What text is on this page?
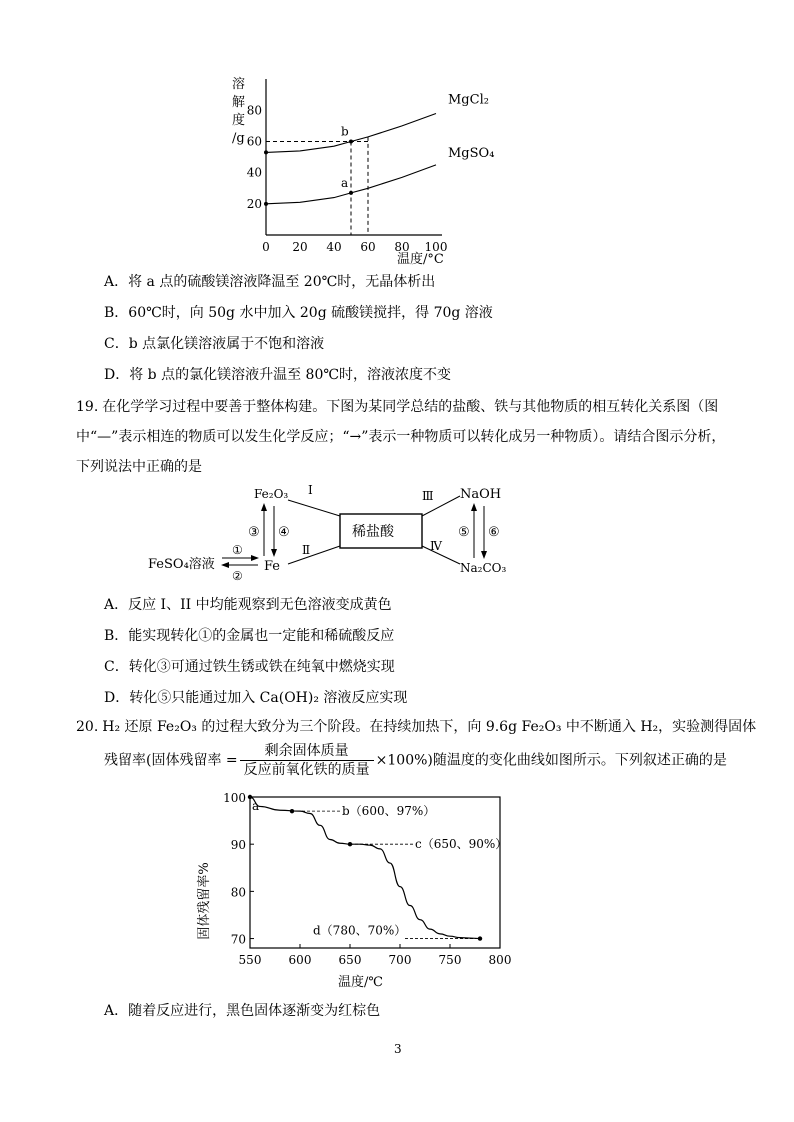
溶
解
度
/g
0 20 40 60 80 100
20
40
60
80
MgCl₂
MgSO₄
a
b
温度/°C
A．将 a 点的硫酸镁溶液降温至 20℃时，无晶体析出
B．60℃时，向 50g 水中加入 20g 硫酸镁搅拌，得 70g 溶液
C．b 点氯化镁溶液属于不饱和溶液
D．将 b 点的氯化镁溶液升温至 80℃时，溶液浓度不变
19. 在化学学习过程中要善于整体构建。下图为某同学总结的盐酸、铁与其他物质的相互转化关系图（图中“—”表示相连的物质可以发生化学反应；“→”表示一种物质可以转化成另一种物质）。请结合图示分析，下列说法中正确的是
稀盐酸
Ⅰ
Ⅱ
Ⅲ
Ⅳ
Fe₂O₃
Fe
FeSO₄溶液
NaOH
Na₂CO₃
③ ④	⑤ ⑥
①
②
A．反应 I、II 中均能观察到无色溶液变成黄色
B．能实现转化①的金属也一定能和稀硫酸反应
C．转化③可通过铁生锈或铁在纯氧中燃烧实现
D．转化⑤只能通过加入 Ca(OH)₂ 溶液反应实现
20. H₂ 还原 Fe₂O₃ 的过程大致分为三个阶段。在持续加热下，向 9.6g Fe₂O₃ 中不断通入 H₂，实验测得固体
残留率(固体残留率 = $\frac{\text{剩余固体质量}}{\text{反应前氧化铁的质量}} \times 100\%$)随温度的变化曲线如图所示。下列叙述正确的是
固体残留率%
550 600 650 700 750 800
70
80
90
100
a	b（600、97%）
c（650、90%）
d（780、70%）
温度/℃
A．随着反应进行，黑色固体逐渐变为红棕色
3
